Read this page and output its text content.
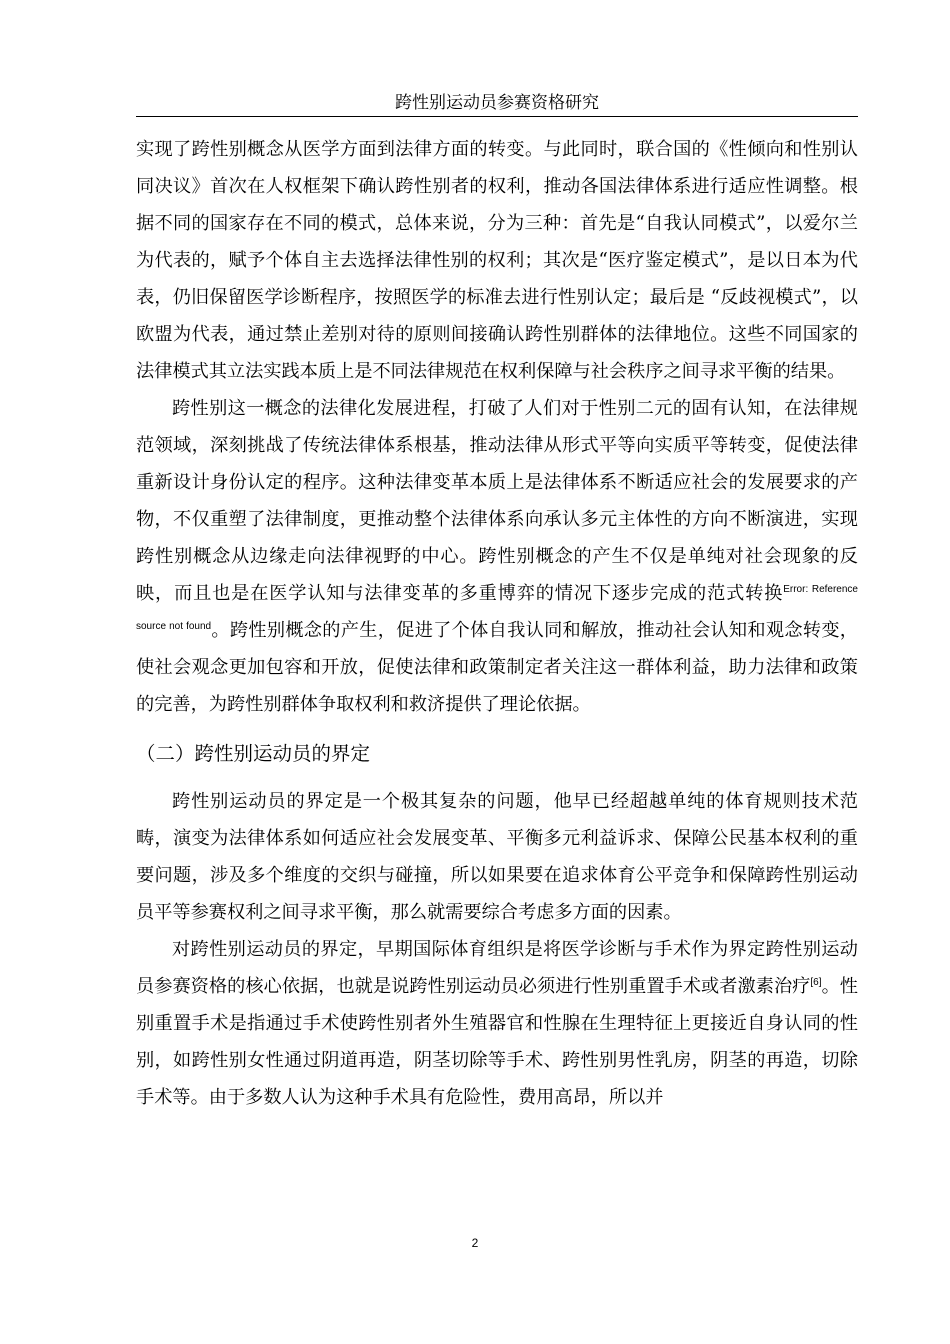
跨性别运动员参赛资格研究

实现了跨性别概念从医学方面到法律方面的转变。与此同时，联合国的《性倾向和性别认同决议》首次在人权框架下确认跨性别者的权利，推动各国法律体系进行适应性调整。根据不同的国家存在不同的模式，总体来说，分为三种：首先是“自我认同模式”，以爱尔兰为代表的，赋予个体自主去选择法律性别的权利；其次是“医疗鉴定模式”，是以日本为代表，仍旧保留医学诊断程序，按照医学的标准去进行性别认定；最后是 “反歧视模式”，以欧盟为代表，通过禁止差别对待的原则间接确认跨性别群体的法律地位。这些不同国家的法律模式其立法实践本质上是不同法律规范在权利保障与社会秩序之间寻求平衡的结果。

跨性别这一概念的法律化发展进程，打破了人们对于性别二元的固有认知，在法律规范领域，深刻挑战了传统法律体系根基，推动法律从形式平等向实质平等转变，促使法律重新设计身份认定的程序。这种法律变革本质上是法律体系不断适应社会的发展要求的产物，不仅重塑了法律制度，更推动整个法律体系向承认多元主体性的方向不断演进，实现跨性别概念从边缘走向法律视野的中心。跨性别概念的产生不仅是单纯对社会现象的反映，而且也是在医学认知与法律变革的多重博弈的情况下逐步完成的范式转换$^{Error: Reference source not found}$。跨性别概念的产生，促进了个体自我认同和解放，推动社会认知和观念转变，使社会观念更加包容和开放，促使法律和政策制定者关注这一群体利益，助力法律和政策的完善，为跨性别群体争取权利和救济提供了理论依据。

（二）跨性别运动员的界定

跨性别运动员的界定是一个极其复杂的问题，他早已经超越单纯的体育规则技术范畴，演变为法律体系如何适应社会发展变革、平衡多元利益诉求、保障公民基本权利的重要问题，涉及多个维度的交织与碰撞，所以如果要在追求体育公平竞争和保障跨性别运动员平等参赛权利之间寻求平衡，那么就需要综合考虑多方面的因素。

对跨性别运动员的界定，早期国际体育组织是将医学诊断与手术作为界定跨性别运动员参赛资格的核心依据，也就是说跨性别运动员必须进行性别重置手术或者激素治疗[6]。性别重置手术是指通过手术使跨性别者外生殖器官和性腺在生理特征上更接近自身认同的性别，如跨性别女性通过阴道再造，阴茎切除等手术、跨性别男性乳房，阴茎的再造，切除手术等。由于多数人认为这种手术具有危险性，费用高昂，所以并

2
